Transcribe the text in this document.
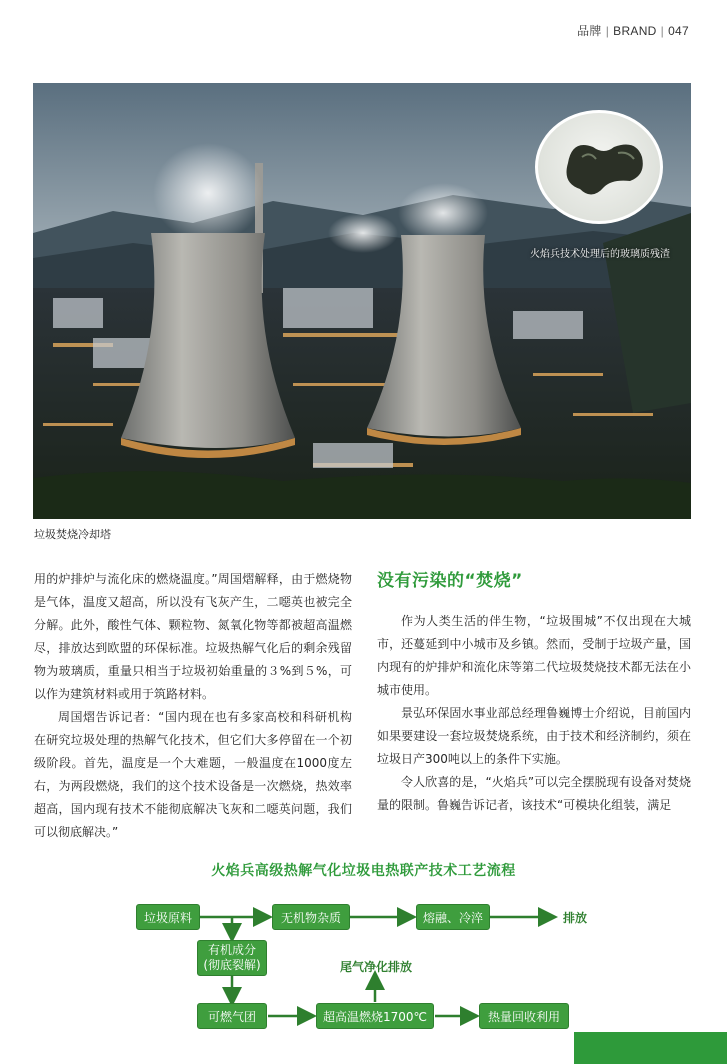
品牌 | BRAND | 047
火焰兵技术处理后的玻璃质残渣
垃圾焚烧冷却塔

用的炉排炉与流化床的燃烧温度。”周国熠解释，由于燃烧物是气体，温度又超高，所以没有飞灰产生，二噁英也被完全分解。此外，酸性气体、颗粒物、氮氧化物等都被超高温燃尽，排放达到欧盟的环保标准。垃圾热解气化后的剩余残留物为玻璃质，重量只相当于垃圾初始重量的３%到５%，可以作为建筑材料或用于筑路材料。

周国熠告诉记者：“国内现在也有多家高校和科研机构在研究垃圾处理的热解气化技术，但它们大多停留在一个初级阶段。首先，温度是一个大难题，一般温度在1000度左右，为两段燃烧，我们的这个技术设备是一次燃烧，热效率超高，国内现有技术不能彻底解决飞灰和二噁英问题，我们可以彻底解决。”

没有污染的“焚烧”

作为人类生活的伴生物，“垃圾围城”不仅出现在大城市，还蔓延到中小城市及乡镇。然而，受制于垃圾产量，国内现有的炉排炉和流化床等第二代垃圾焚烧技术都无法在小城市使用。

景弘环保固水事业部总经理鲁巍博士介绍说，目前国内如果要建设一套垃圾焚烧系统，由于技术和经济制约，须在垃圾日产300吨以上的条件下实施。

令人欣喜的是，“火焰兵”可以完全摆脱现有设备对焚烧量的限制。鲁巍告诉记者，该技术“可模块化组装，满足

火焰兵高级热解气化垃圾电热联产技术工艺流程
垃圾原料	无机物杂质	熔融、冷淬	排放
有机成分
(彻底裂解)	尾气净化排放
可燃气团	超高温燃烧1700℃	热量回收利用
